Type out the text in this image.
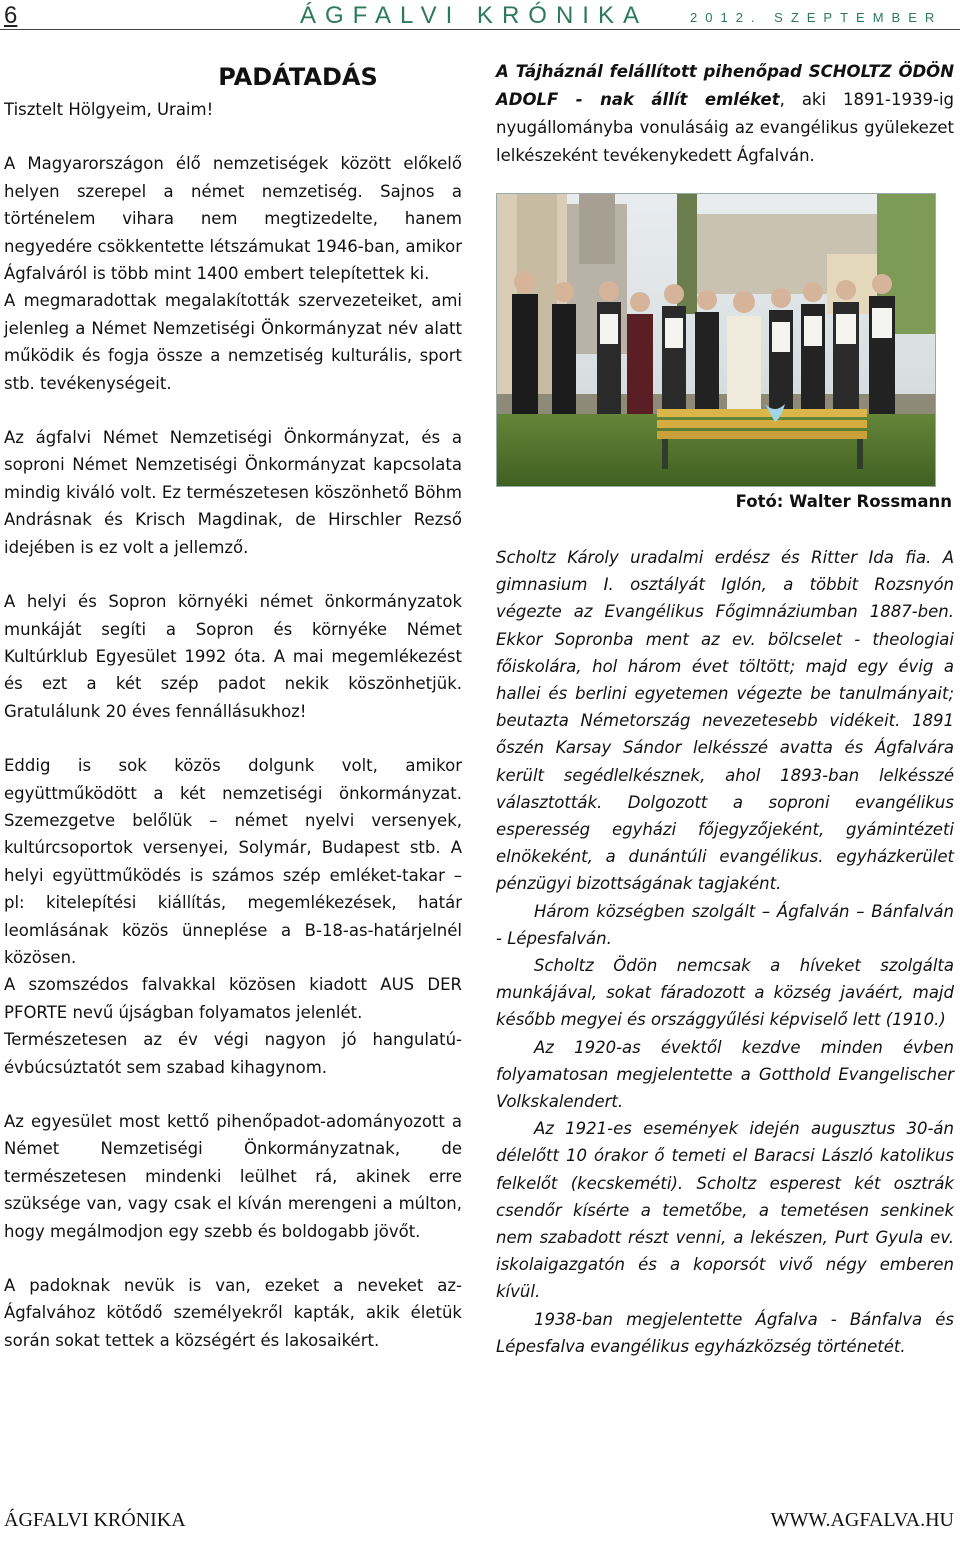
6	ÁGFALVI KRÓNIKA	2012. SZEPTEMBER
PADÁTADÁS

Tisztelt Hölgyeim, Uraim!

A Magyarországon élő nemzetiségek között előkelő helyen szerepel a német nemzetiség. Sajnos a történelem vihara nem megtizedelte, hanem negyedére csökkentette létszámukat 1946-ban, amikor Ágfalváról is több mint 1400 embert telepítettek ki.

A megmaradottak megalakították szervezeteiket, ami jelenleg a Német Nemzetiségi Önkormányzat név alatt működik és fogja össze a nemzetiség kulturális, sport stb. tevékenységeit.

Az ágfalvi Német Nemzetiségi Önkormányzat, és a soproni Német Nemzetiségi Önkormányzat kapcsolata mindig kiváló volt. Ez természetesen köszönhető Böhm Andrásnak és Krisch Magdinak, de Hirschler Rezső idejében is ez volt a jellemző.

A helyi és Sopron környéki német önkormányzatok munkáját segíti a Sopron és környéke Német Kultúrklub Egyesület 1992 óta. A mai megemlékezést és ezt a két szép padot nekik köszönhetjük. Gratulálunk 20 éves fennállásukhoz!

Eddig is sok közös dolgunk volt, amikor együttműködött a két nemzetiségi önkormányzat. Szemezgetve belőlük – német nyelvi versenyek, kultúrcsoportok versenyei, Solymár, Budapest stb. A helyi együttműködés is számos szép emléket-takar – pl: kitelepítési kiállítás, megemlékezések, határ leomlásának közös ünneplése a B-18-as-határjelnél közösen.

A szomszédos falvakkal közösen kiadott AUS DER PFORTE nevű újságban folyamatos jelenlét.

Természetesen az év végi nagyon jó hangulatú-évbúcsúztatót sem szabad kihagynom.

Az egyesület most kettő pihenőpadot-adományozott a Német Nemzetiségi Önkormányzatnak, de természetesen mindenki leülhet rá, akinek erre szüksége van, vagy csak el kíván merengeni a múlton, hogy megálmodjon egy szebb és boldogabb jövőt.

A padoknak nevük is van, ezeket a neveket az-Ágfalvához kötődő személyekről kapták, akik életük során sokat tettek a községért és lakosaikért.

A Tájháznál felállított pihenőpad SCHOLTZ ÖDÖN ADOLF - nak állít emléket, aki 1891-1939-ig nyugállományba vonulásáig az evangélikus gyülekezet lelkészeként tevékenykedett Ágfalván.

Fotó: Walter Rossmann

Scholtz Károly uradalmi erdész és Ritter Ida fia. A gimnasium I. osztályát Iglón, a többit Rozsnyón végezte az Evangélikus Főgimnáziumban 1887-ben. Ekkor Sopronba ment az ev. bölcselet - theologiai főiskolára, hol három évet töltött; majd egy évig a hallei és berlini egyetemen végezte be tanulmányait; beutazta Németország nevezetesebb vidékeit. 1891 őszén Karsay Sándor lelkésszé avatta és Ágfalvára került segédlelkésznek, ahol 1893-ban lelkésszé választották. Dolgozott a soproni evangélikus esperesség egyházi főjegyzőjeként, gyámintézeti elnökeként, a dunántúli evangélikus. egyházkerület pénzügyi bizottságának tagjaként.

Három községben szolgált – Ágfalván – Bánfalván - Lépesfalván.

Scholtz Ödön nemcsak a híveket szolgálta munkájával, sokat fáradozott a község javáért, majd később megyei és országgyűlési képviselő lett (1910.)

Az 1920-as évektől kezdve minden évben folyamatosan megjelentette a Gotthold Evangelischer Volkskalendert.

Az 1921-es események idején augusztus 30-án délelőtt 10 órakor ő temeti el Baracsi László katolikus felkelőt (kecskeméti). Scholtz esperest két osztrák csendőr kísérte a temetőbe, a temetésen senkinek nem szabadott részt venni, a lekészen, Purt Gyula ev. iskolaigazgatón és a koporsót vivő négy emberen kívül.

1938-ban megjelentette Ágfalva - Bánfalva és Lépesfalva evangélikus egyházközség történetét.

ÁGFALVI KRÓNIKA	WWW.AGFALVA.HU
